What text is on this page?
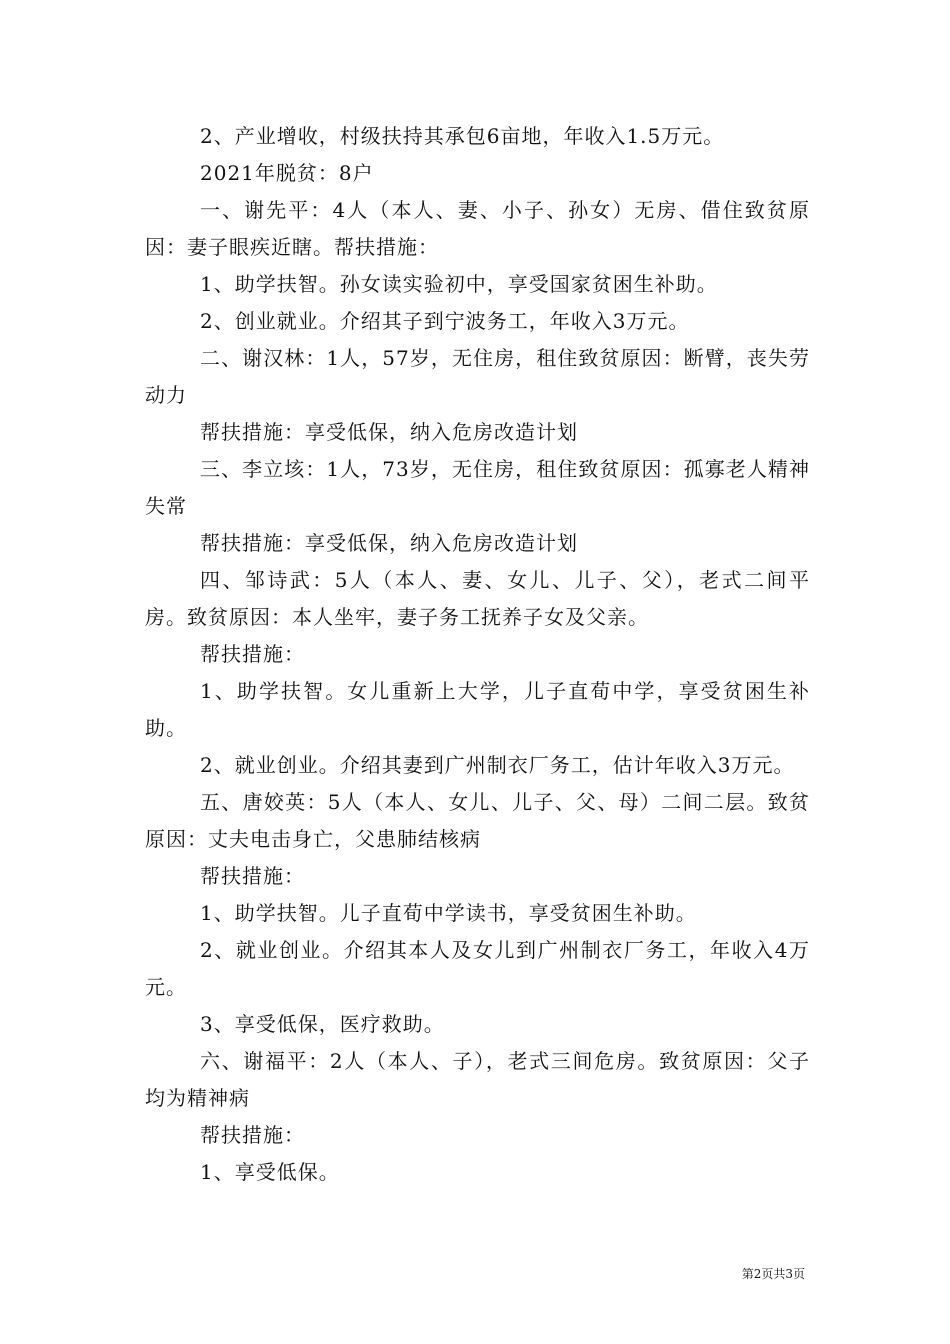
2、产业增收，村级扶持其承包6亩地，年收入1.5万元。

2021年脱贫：8户

一、谢先平：4人（本人、妻、小子、孙女）无房、借住致贫原因：妻子眼疾近瞎。帮扶措施：

1、助学扶智。孙女读实验初中，享受国家贫困生补助。

2、创业就业。介绍其子到宁波务工，年收入3万元。

二、谢汉林：1人，57岁，无住房，租住致贫原因：断臂，丧失劳动力

帮扶措施：享受低保，纳入危房改造计划

三、李立垓：1人，73岁，无住房，租住致贫原因：孤寡老人精神失常

帮扶措施：享受低保，纳入危房改造计划

四、邹诗武：5人（本人、妻、女儿、儿子、父），老式二间平房。致贫原因：本人坐牢，妻子务工抚养子女及父亲。

帮扶措施：

1、助学扶智。女儿重新上大学，儿子直荀中学，享受贫困生补助。

2、就业创业。介绍其妻到广州制衣厂务工，估计年收入3万元。

五、唐姣英：5人（本人、女儿、儿子、父、母）二间二层。致贫原因：丈夫电击身亡，父患肺结核病

帮扶措施：

1、助学扶智。儿子直荀中学读书，享受贫困生补助。

2、就业创业。介绍其本人及女儿到广州制衣厂务工，年收入4万元。

3、享受低保，医疗救助。

六、谢福平：2人（本人、子），老式三间危房。致贫原因：父子均为精神病

帮扶措施：

1、享受低保。

第2页共3页
